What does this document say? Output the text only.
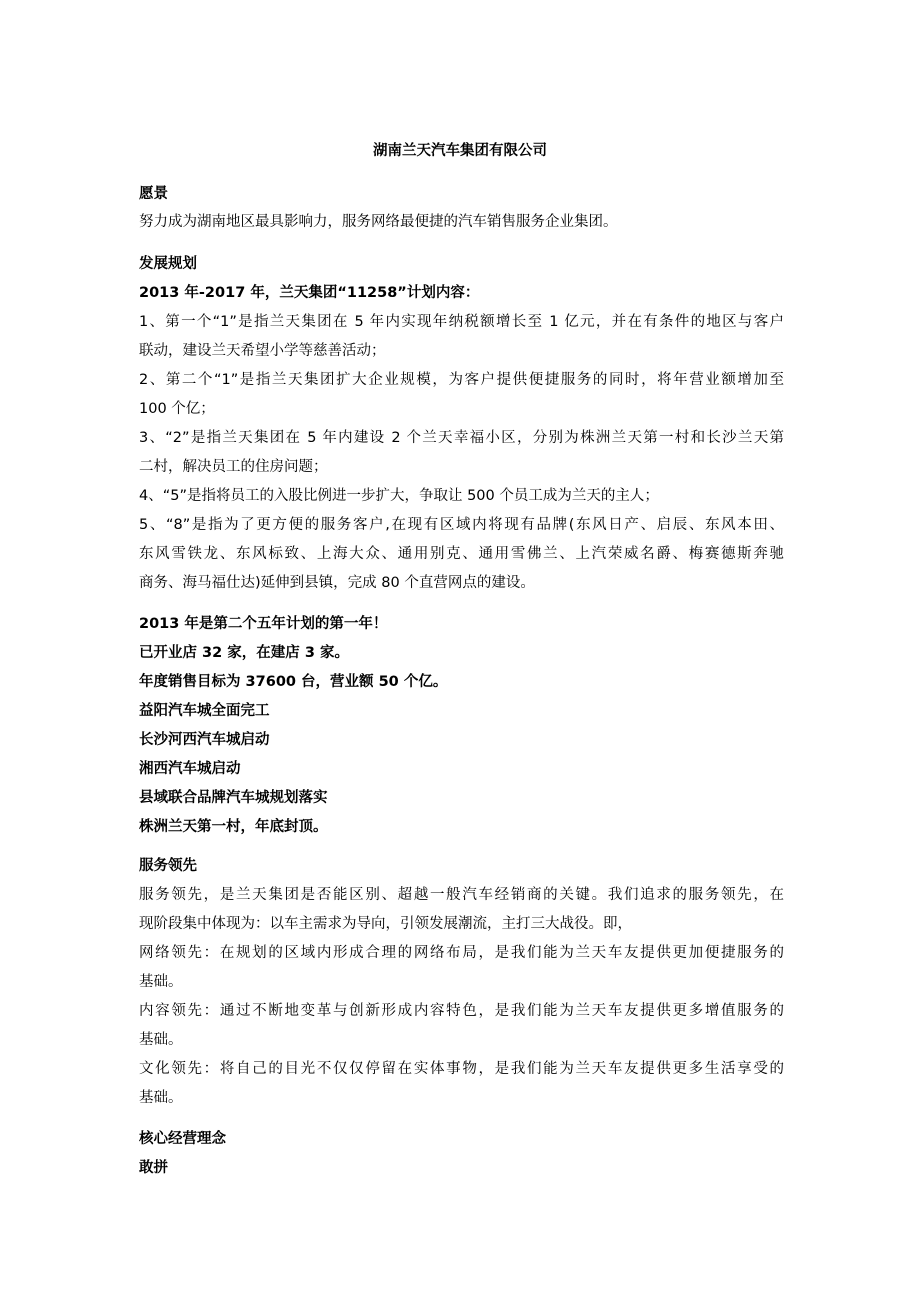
湖南兰天汽车集团有限公司
愿景
努力成为湖南地区最具影响力，服务网络最便捷的汽车销售服务企业集团。
发展规划
2013 年-2017 年，兰天集团“11258”计划内容：
1、第一个“1”是指兰天集团在 5 年内实现年纳税额增长至 1 亿元，并在有条件的地区与客户
联动，建设兰天希望小学等慈善活动；
2、第二个“1”是指兰天集团扩大企业规模，为客户提供便捷服务的同时，将年营业额增加至
100 个亿；
3、“2”是指兰天集团在 5 年内建设 2 个兰天幸福小区，分别为株洲兰天第一村和长沙兰天第
二村，解决员工的住房问题；
4、“5”是指将员工的入股比例进一步扩大，争取让 500 个员工成为兰天的主人；
5、“8”是指为了更方便的服务客户,在现有区域内将现有品牌(东风日产、启辰、东风本田、
东风雪铁龙、东风标致、上海大众、通用别克、通用雪佛兰、上汽荣威名爵、梅赛德斯奔驰
商务、海马福仕达)延伸到县镇，完成 80 个直营网点的建设。
2013 年是第二个五年计划的第一年！
已开业店 32 家，在建店 3 家。
年度销售目标为 37600 台，营业额 50 个亿。
益阳汽车城全面完工
长沙河西汽车城启动
湘西汽车城启动
县域联合品牌汽车城规划落实
株洲兰天第一村，年底封顶。
服务领先
服务领先，是兰天集团是否能区别、超越一般汽车经销商的关键。我们追求的服务领先，在
现阶段集中体现为：以车主需求为导向，引领发展潮流，主打三大战役。即，
网络领先：在规划的区域内形成合理的网络布局，是我们能为兰天车友提供更加便捷服务的
基础。
内容领先：通过不断地变革与创新形成内容特色，是我们能为兰天车友提供更多增值服务的
基础。
文化领先：将自己的目光不仅仅停留在实体事物，是我们能为兰天车友提供更多生活享受的
基础。
核心经营理念
敢拼
